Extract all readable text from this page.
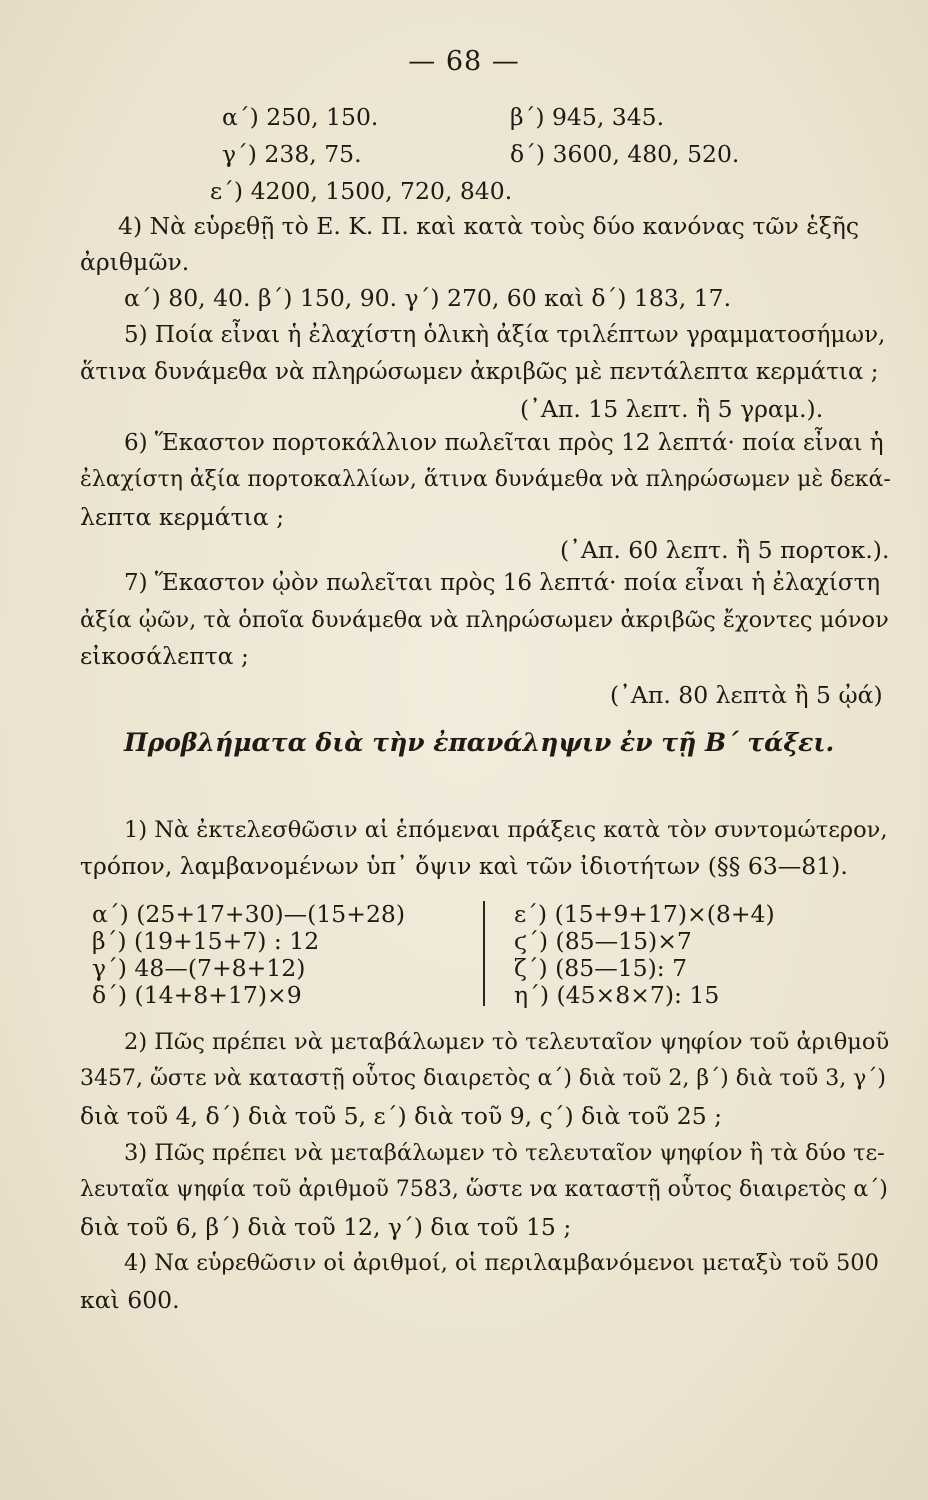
— 68 —
α΄) 250, 150.	β΄) 945, 345.
γ΄) 238, 75.	δ΄) 3600, 480, 520.
ε΄) 4200, 1500, 720, 840.
4) Νὰ εὑρεθῇ τὸ Ε. Κ. Π. καὶ κατὰ τοὺς δύο κανόνας τῶν ἑξῆς
ἀριθμῶν.
α΄) 80, 40. β΄) 150, 90. γ΄) 270, 60 καὶ δ΄) 183, 17.
5) Ποία εἶναι ἡ ἐλαχίστη ὁλικὴ ἀξία τριλέπτων γραμματοσήμων,
ἅτινα δυνάμεθα νὰ πληρώσωμεν ἀκριβῶς μὲ πεντάλεπτα κερμάτια ;
(᾿Απ. 15 λεπτ. ἢ 5 γραμ.).
6) Ἕκαστον πορτοκάλλιον πωλεῖται πρὸς 12 λεπτά· ποία εἶναι ἡ
ἐλαχίστη ἀξία πορτοκαλλίων, ἅτινα δυνάμεθα νὰ πληρώσωμεν μὲ δεκά-
λεπτα κερμάτια ;
(᾿Απ. 60 λεπτ. ἢ 5 πορτοκ.).
7) Ἕκαστον ᾠὸν πωλεῖται πρὸς 16 λεπτά· ποία εἶναι ἡ ἐλαχίστη
ἀξία ᾠῶν, τὰ ὁποῖα δυνάμεθα νὰ πληρώσωμεν ἀκριβῶς ἔχοντες μόνον
εἰκοσάλεπτα ;
(᾿Απ. 80 λεπτὰ ἢ 5 ᾠά)
Προβλήματα διὰ τὴν ἐπανάληψιν ἐν τῇ Β΄ τάξει.
1) Νὰ ἐκτελεσθῶσιν αἱ ἑπόμεναι πράξεις κατὰ τὸν συντομώτερον,
τρόπον, λαμβανομένων ὑπ᾿ ὄψιν καὶ τῶν ἰδιοτήτων (§§ 63—81).
α΄) (25+17+30)—(15+28)
β΄) (19+15+7) : 12
γ΄) 48—(7+8+12)
δ΄) (14+8+17)×9
ε΄) (15+9+17)×(8+4)
ϛ΄) (85—15)×7
ζ΄) (85—15): 7
η΄) (45×8×7): 15
2) Πῶς πρέπει νὰ μεταβάλωμεν τὸ τελευταῖον ψηφίον τοῦ ἀριθμοῦ
3457, ὥστε νὰ καταστῇ οὗτος διαιρετὸς α΄) διὰ τοῦ 2, β΄) διὰ τοῦ 3, γ΄)
διὰ τοῦ 4, δ΄) διὰ τοῦ 5, ε΄) διὰ τοῦ 9, ς΄) διὰ τοῦ 25 ;
3) Πῶς πρέπει νὰ μεταβάλωμεν τὸ τελευταῖον ψηφίον ἢ τὰ δύο τε-
λευταῖα ψηφία τοῦ ἀριθμοῦ 7583, ὥστε να καταστῇ οὗτος διαιρετὸς α΄)
διὰ τοῦ 6, β΄) διὰ τοῦ 12, γ΄) δια τοῦ 15 ;
4) Να εὑρεθῶσιν οἱ ἀριθμοί, οἱ περιλαμβανόμενοι μεταξὺ τοῦ 500
καὶ 600.
